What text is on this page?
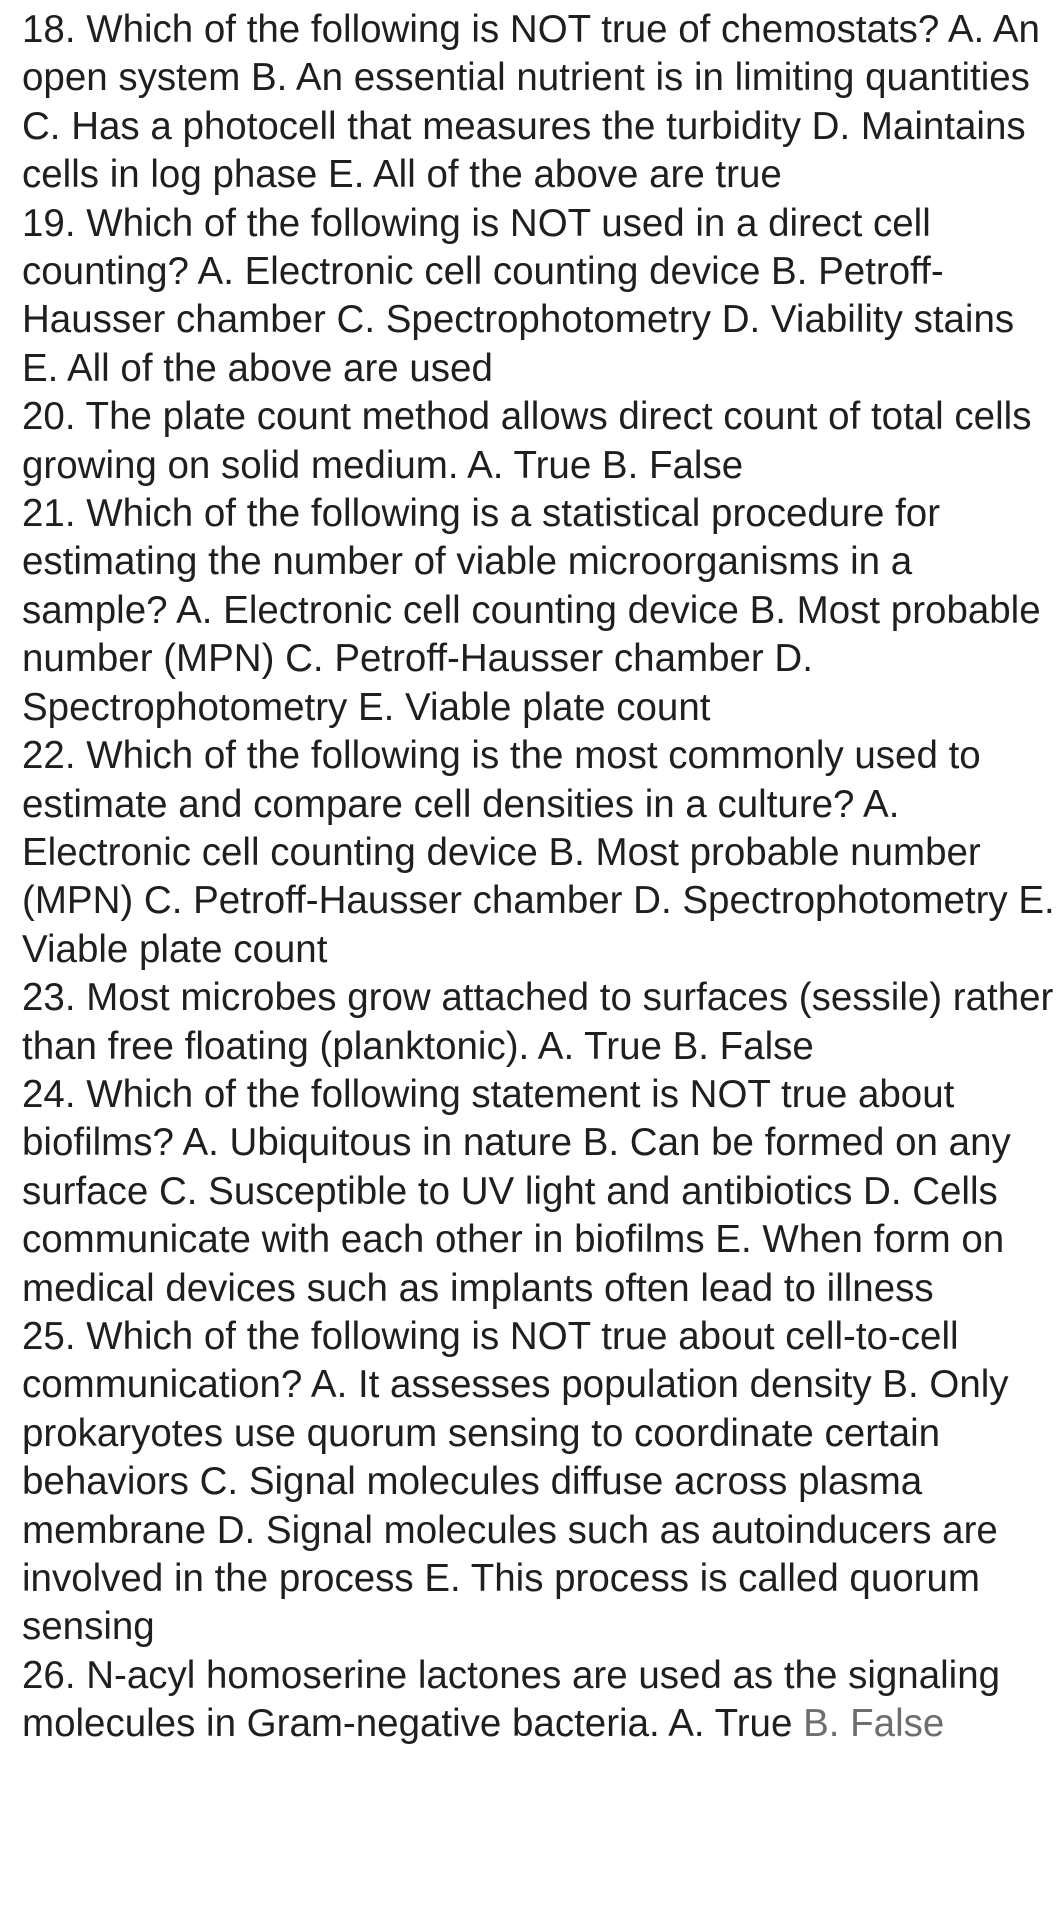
18. Which of the following is NOT true of chemostats? A. An open system B. An essential nutrient is in limiting quantities C. Has a photocell that measures the turbidity D. Maintains cells in log phase E. All of the above are true

19. Which of the following is NOT used in a direct cell counting? A. Electronic cell counting device B. Petroff-Hausser chamber C. Spectrophotometry D. Viability stains E. All of the above are used

20. The plate count method allows direct count of total cells growing on solid medium. A. True B. False

21. Which of the following is a statistical procedure for estimating the number of viable microorganisms in a sample? A. Electronic cell counting device B. Most probable number (MPN) C. Petroff-Hausser chamber D. Spectrophotometry E. Viable plate count

22. Which of the following is the most commonly used to estimate and compare cell densities in a culture? A. Electronic cell counting device B. Most probable number (MPN) C. Petroff-Hausser chamber D. Spectrophotometry E. Viable plate count

23. Most microbes grow attached to surfaces (sessile) rather than free floating (planktonic). A. True B. False

24. Which of the following statement is NOT true about biofilms? A. Ubiquitous in nature B. Can be formed on any surface C. Susceptible to UV light and antibiotics D. Cells communicate with each other in biofilms E. When form on medical devices such as implants often lead to illness

25. Which of the following is NOT true about cell-to-cell communication? A. It assesses population density B. Only prokaryotes use quorum sensing to coordinate certain behaviors C. Signal molecules diffuse across plasma membrane D. Signal molecules such as autoinducers are involved in the process E. This process is called quorum sensing

26. N-acyl homoserine lactones are used as the signaling molecules in Gram-negative bacteria. A. True B. False
